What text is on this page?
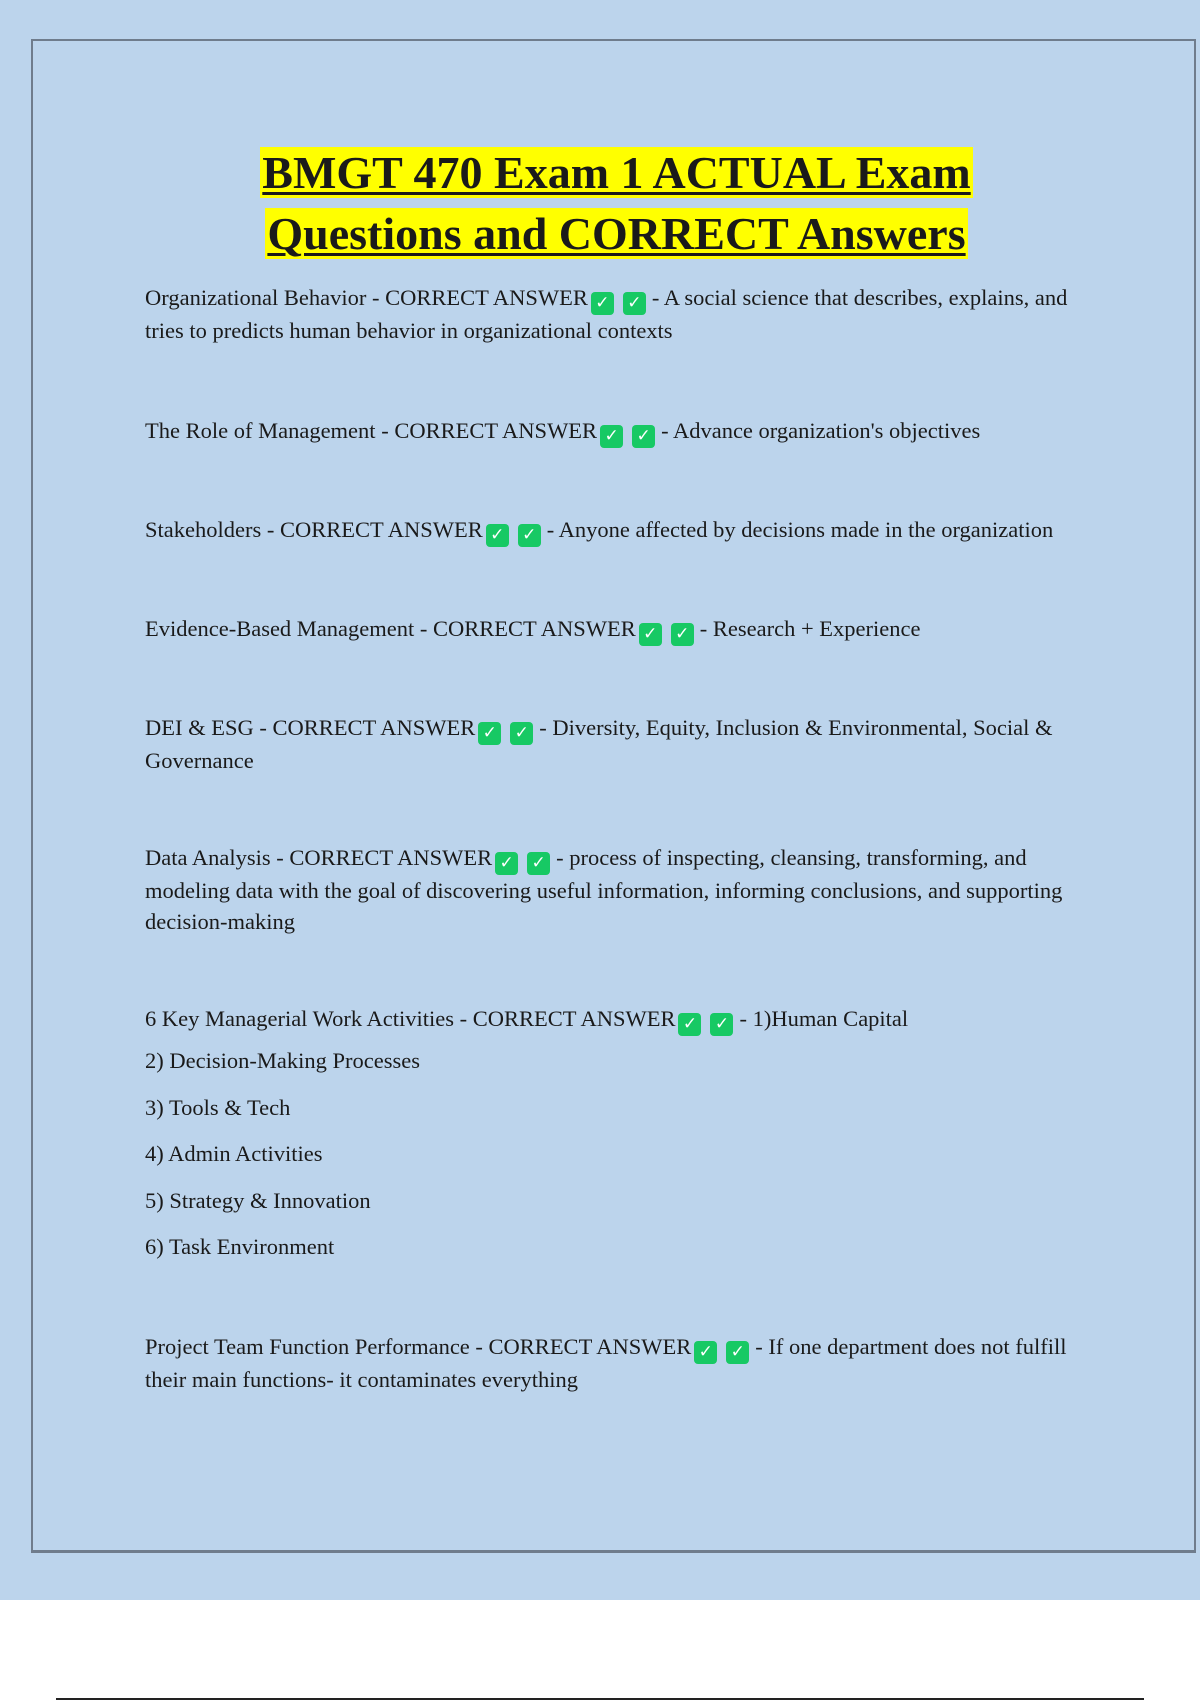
BMGT 470 Exam 1 ACTUAL Exam
Questions and CORRECT Answers

Organizational Behavior - CORRECT ANSWER ✓ ✓ - A social science that describes, explains, and tries to predicts human behavior in organizational contexts

The Role of Management - CORRECT ANSWER ✓ ✓ - Advance organization's objectives

Stakeholders - CORRECT ANSWER ✓ ✓ - Anyone affected by decisions made in the organization

Evidence-Based Management - CORRECT ANSWER ✓ ✓ - Research + Experience

DEI & ESG - CORRECT ANSWER ✓ ✓ - Diversity, Equity, Inclusion & Environmental, Social & Governance

Data Analysis - CORRECT ANSWER ✓ ✓ - process of inspecting, cleansing, transforming, and modeling data with the goal of discovering useful information, informing conclusions, and supporting decision-making

6 Key Managerial Work Activities - CORRECT ANSWER ✓ ✓ - 1)Human Capital

2) Decision-Making Processes

3) Tools & Tech

4) Admin Activities

5) Strategy & Innovation

6) Task Environment

Project Team Function Performance - CORRECT ANSWER ✓ ✓ - If one department does not fulfill their main functions- it contaminates everything
